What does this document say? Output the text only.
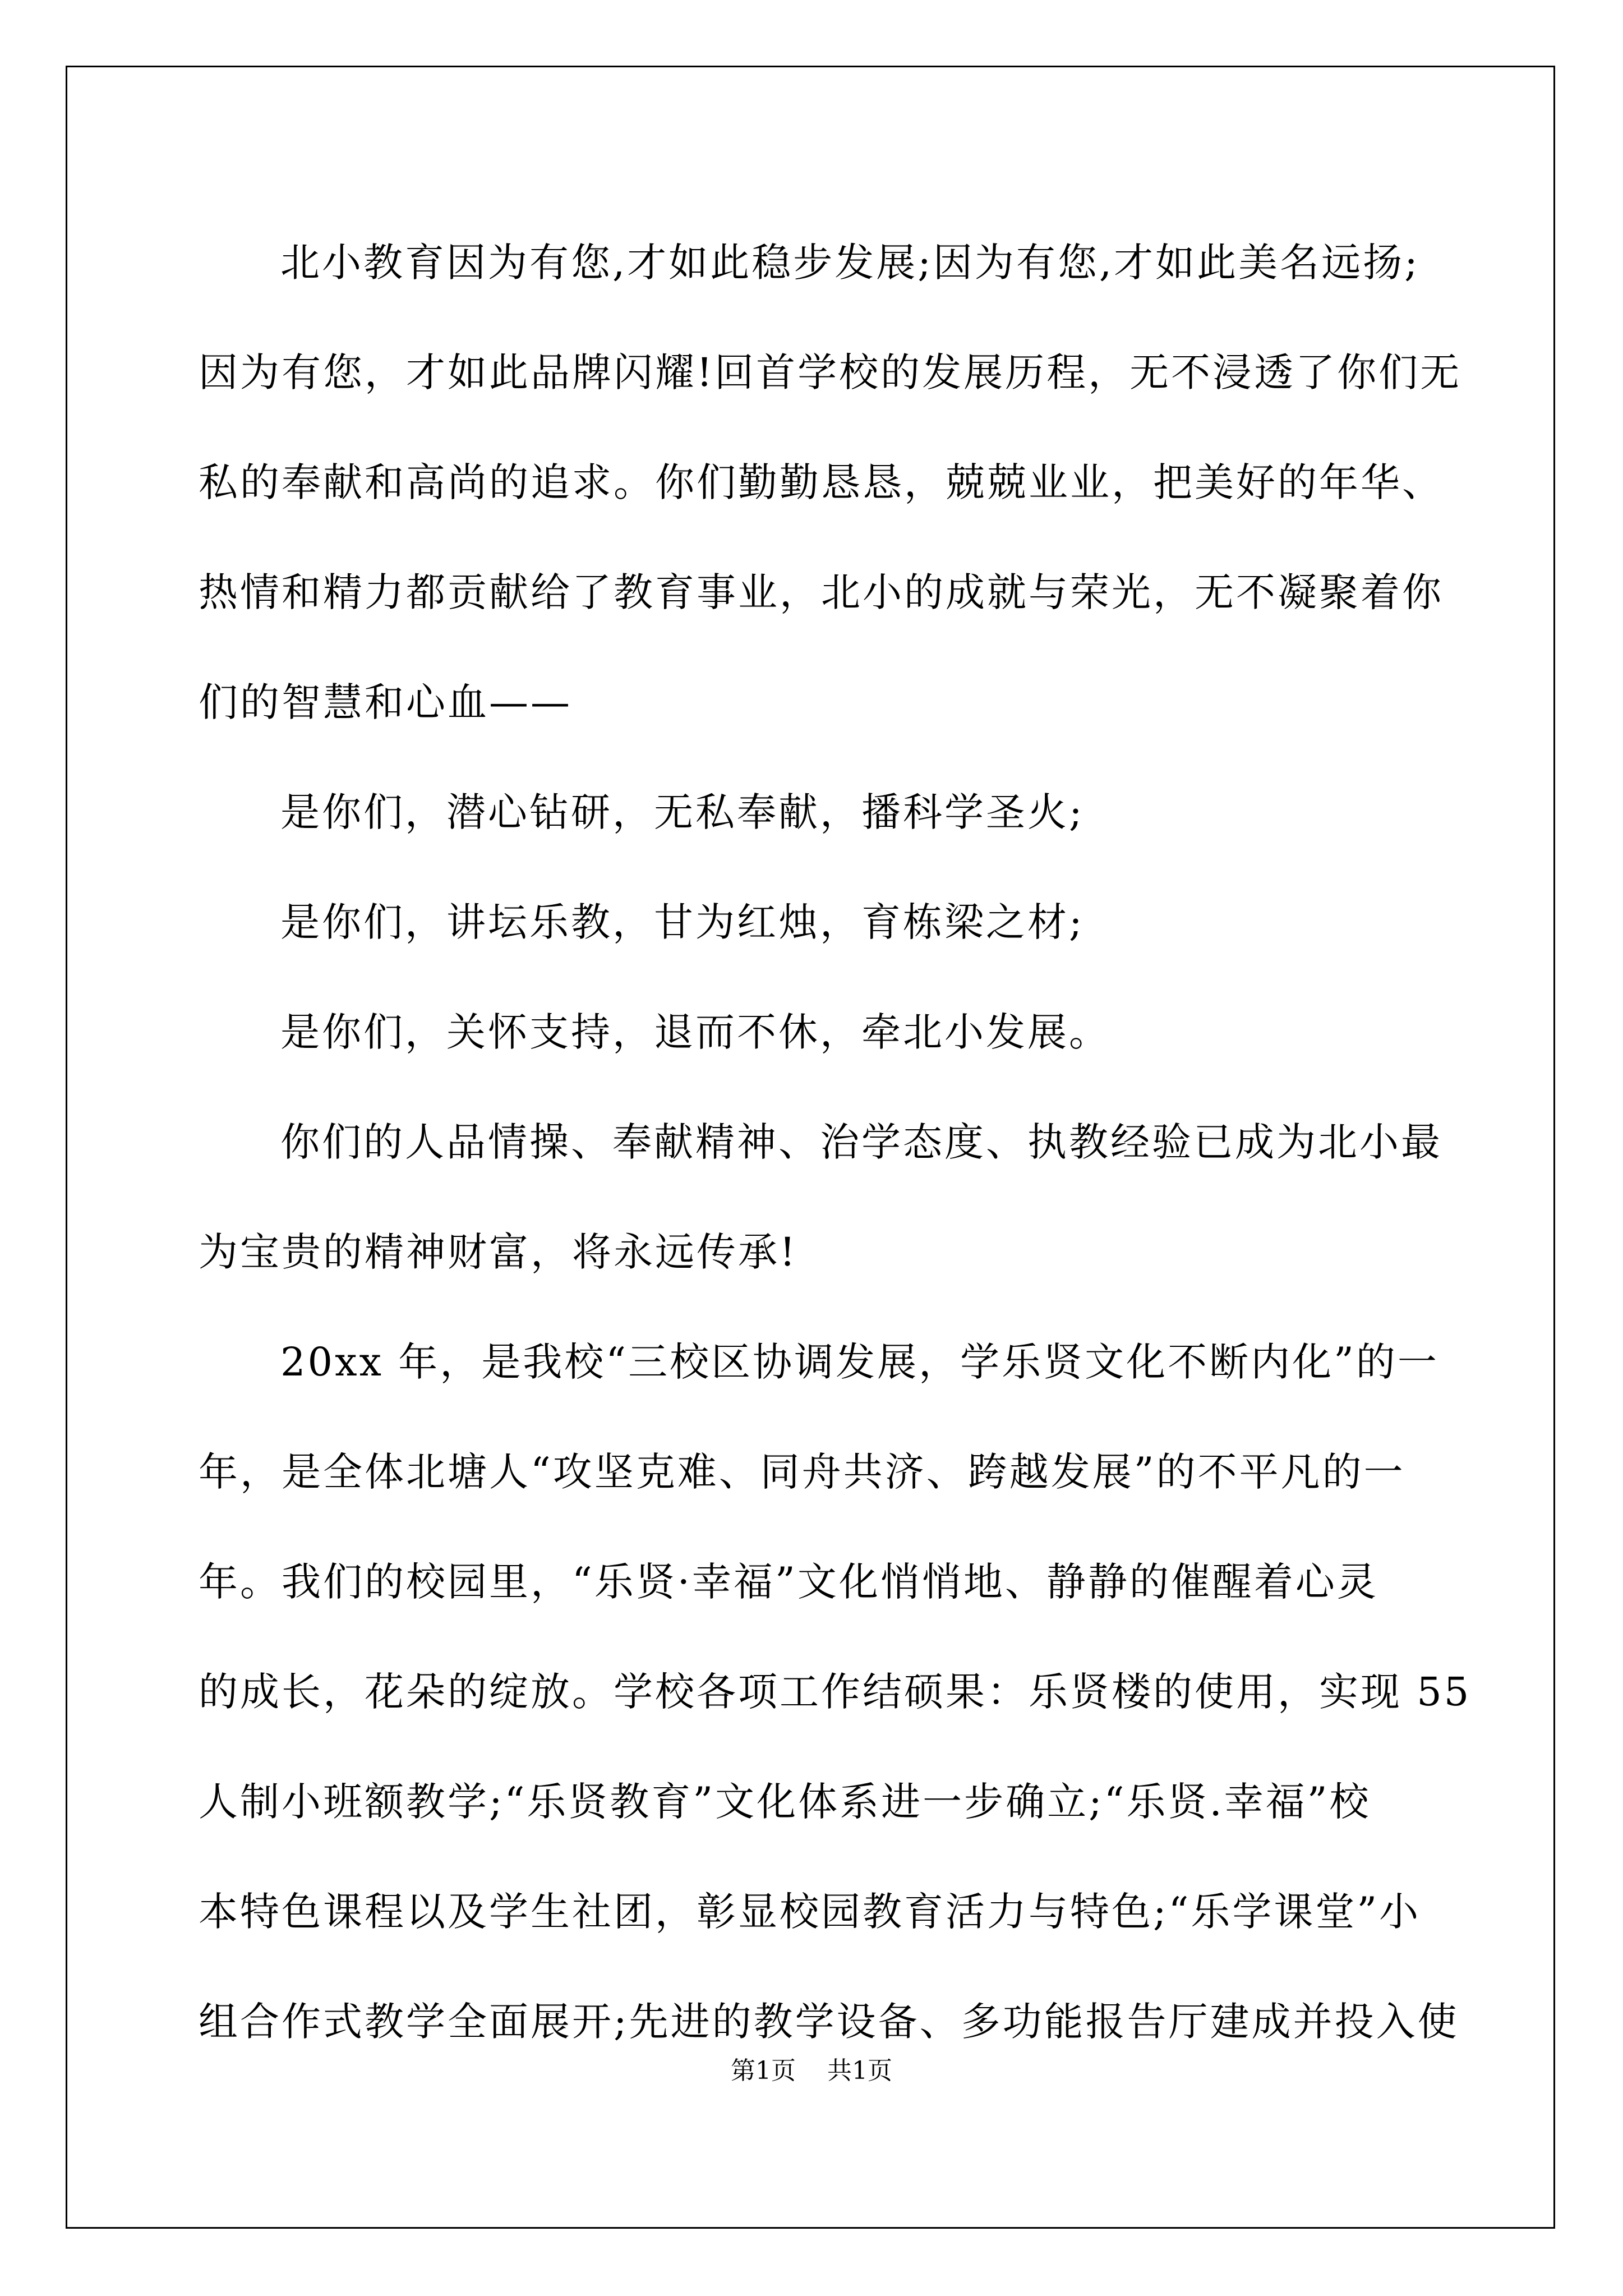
北小教育因为有您,才如此稳步发展;因为有您,才如此美名远扬;
因为有您，才如此品牌闪耀!回首学校的发展历程，无不浸透了你们无
私的奉献和高尚的追求。你们勤勤恳恳，兢兢业业，把美好的年华、
热情和精力都贡献给了教育事业，北小的成就与荣光，无不凝聚着你
们的智慧和心血——
是你们，潜心钻研，无私奉献，播科学圣火;
是你们，讲坛乐教，甘为红烛，育栋梁之材;
是你们，关怀支持，退而不休，牵北小发展。
你们的人品情操、奉献精神、治学态度、执教经验已成为北小最
为宝贵的精神财富，将永远传承!
20xx 年，是我校“三校区协调发展，学乐贤文化不断内化”的一
年，是全体北塘人“攻坚克难、同舟共济、跨越发展”的不平凡的一
年。我们的校园里，“乐贤·幸福”文化悄悄地、静静的催醒着心灵
的成长，花朵的绽放。学校各项工作结硕果：乐贤楼的使用，实现 55
人制小班额教学;“乐贤教育”文化体系进一步确立;“乐贤.幸福”校
本特色课程以及学生社团，彰显校园教育活力与特色;“乐学课堂”小
组合作式教学全面展开;先进的教学设备、多功能报告厅建成并投入使
第1页 共1页
